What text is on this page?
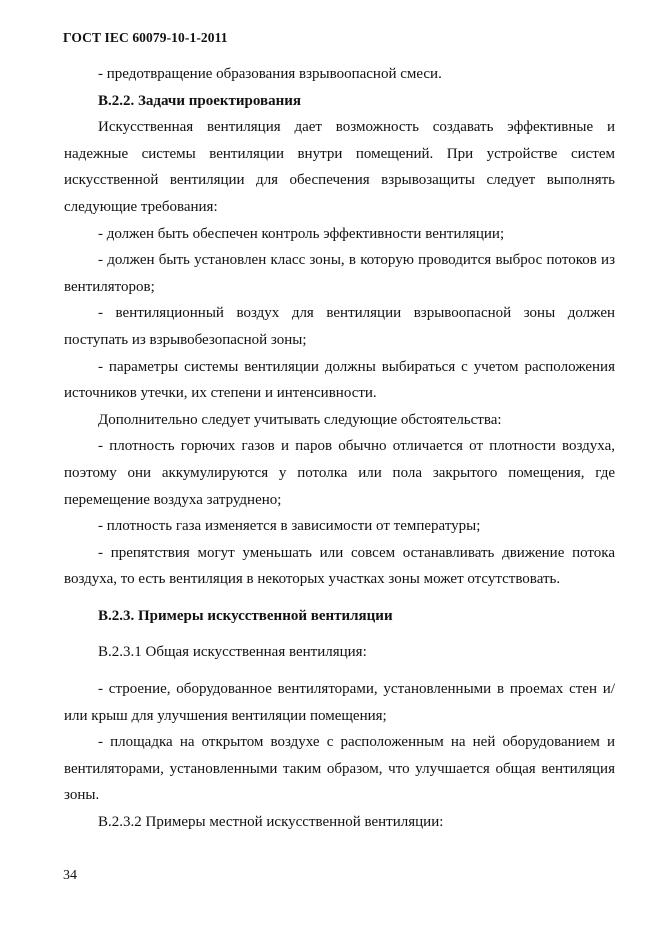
ГОСТ IEC 60079-10-1-2011

- предотвращение образования взрывоопасной смеси.

B.2.2. Задачи проектирования

Искусственная вентиляция дает возможность создавать эффективные и надежные системы вентиляции внутри помещений. При устройстве систем искусственной вентиляции для обеспечения взрывозащиты следует выполнять следующие требования:

- должен быть обеспечен контроль эффективности вентиляции;

- должен быть установлен класс зоны, в которую проводится выброс потоков из вентиляторов;

- вентиляционный воздух для вентиляции взрывоопасной зоны должен поступать из взрывобезопасной зоны;

- параметры системы вентиляции должны выбираться с учетом расположения источников утечки, их степени и интенсивности.

Дополнительно следует учитывать следующие обстоятельства:

- плотность горючих газов и паров обычно отличается от плотности воздуха, поэтому они аккумулируются у потолка или пола закрытого помещения, где перемещение воздуха затруднено;

- плотность газа изменяется в зависимости от температуры;

- препятствия могут уменьшать или совсем останавливать движение потока воздуха, то есть вентиляция в некоторых участках зоны может отсутствовать.

B.2.3. Примеры искусственной вентиляции

B.2.3.1 Общая искусственная вентиляция:

- строение, оборудованное вентиляторами, установленными в проемах стен и/или крыш для улучшения вентиляции помещения;

- площадка на открытом воздухе с расположенным на ней оборудованием и вентиляторами, установленными таким образом, что улучшается общая вентиляция зоны.

B.2.3.2 Примеры местной искусственной вентиляции:

34
